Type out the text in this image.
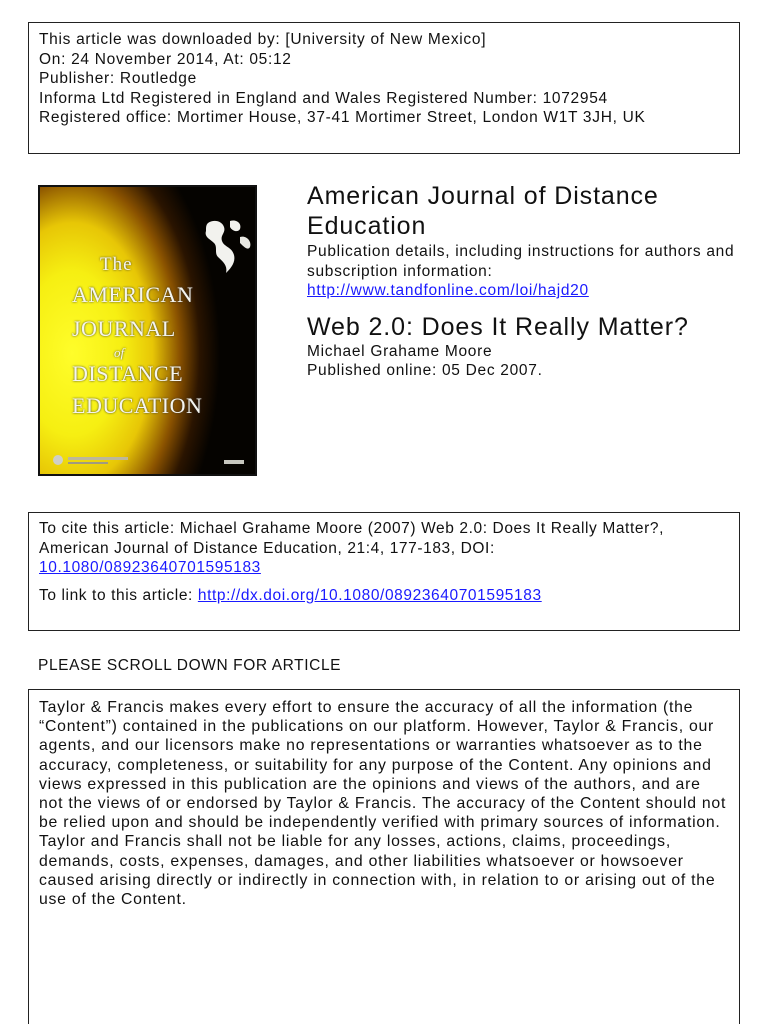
This article was downloaded by: [University of New Mexico]
On: 24 November 2014, At: 05:12
Publisher: Routledge
Informa Ltd Registered in England and Wales Registered Number: 1072954
Registered office: Mortimer House, 37-41 Mortimer Street, London W1T 3JH, UK
The
AMERICAN
JOURNAL
of
DISTANCE
EDUCATION
American Journal of Distance Education
Publication details, including instructions for authors and subscription information:
http://www.tandfonline.com/loi/hajd20
Web 2.0: Does It Really Matter?
Michael Grahame Moore
Published online: 05 Dec 2007.
To cite this article: Michael Grahame Moore (2007) Web 2.0: Does It Really Matter?, American Journal of Distance Education, 21:4, 177-183, DOI:
10.1080/08923640701595183
To link to this article: http://dx.doi.org/10.1080/08923640701595183
PLEASE SCROLL DOWN FOR ARTICLE
Taylor & Francis makes every effort to ensure the accuracy of all the information (the “Content”) contained in the publications on our platform. However, Taylor & Francis, our agents, and our licensors make no representations or warranties whatsoever as to the accuracy, completeness, or suitability for any purpose of the Content. Any opinions and views expressed in this publication are the opinions and views of the authors, and are not the views of or endorsed by Taylor & Francis. The accuracy of the Content should not be relied upon and should be independently verified with primary sources of information. Taylor and Francis shall not be liable for any losses, actions, claims, proceedings, demands, costs, expenses, damages, and other liabilities whatsoever or howsoever caused arising directly or indirectly in connection with, in relation to or arising out of the use of the Content.
